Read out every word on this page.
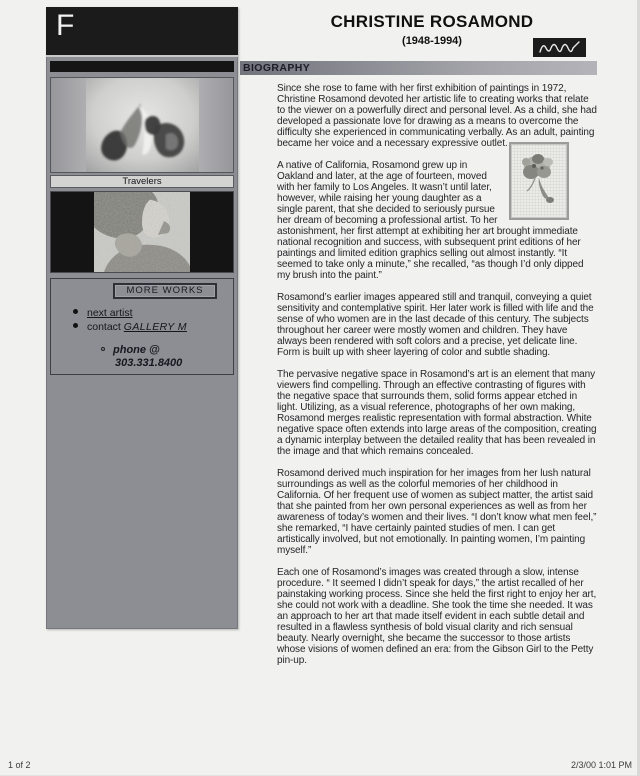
F
Travelers
MORE WORKS
next artist
contact GALLERY M
phone @
303.331.8400
CHRISTINE ROSAMOND
(1948-1994)
BIOGRAPHY

Since she rose to fame with her first exhibition of paintings in 1972, Christine Rosamond devoted her artistic life to creating works that relate to the viewer on a powerfully direct and personal level. As a child, she had developed a passionate love for drawing as a means to overcome the difficulty she experienced in communicating verbally. As an adult, painting became her voice and a necessary expressive outlet.

A native of California, Rosamond grew up in Oakland and later, at the age of fourteen, moved with her family to Los Angeles. It wasn’t until later, however, while raising her young daughter as a single parent, that she decided to seriously pursue her dream of becoming a professional artist. To her astonishment, her first attempt at exhibiting her art brought immediate national recognition and success, with subsequent print editions of her paintings and limited edition graphics selling out almost instantly. “It seemed to take only a minute,” she recalled, “as though I’d only dipped my brush into the paint.”

Rosamond’s earlier images appeared still and tranquil, conveying a quiet sensitivity and contemplative spirit. Her later work is filled with life and the sense of who women are in the last decade of this century. The subjects throughout her career were mostly women and children. They have always been rendered with soft colors and a precise, yet delicate line. Form is built up with sheer layering of color and subtle shading.

The pervasive negative space in Rosamond’s art is an element that many viewers find compelling. Through an effective contrasting of figures with the negative space that surrounds them, solid forms appear etched in light. Utilizing, as a visual reference, photographs of her own making, Rosamond merges realistic representation with formal abstraction. White negative space often extends into large areas of the composition, creating a dynamic interplay between the detailed reality that has been revealed in the image and that which remains concealed.

Rosamond derived much inspiration for her images from her lush natural surroundings as well as the colorful memories of her childhood in California. Of her frequent use of women as subject matter, the artist said that she painted from her own personal experiences as well as from her awareness of today’s women and their lives. “I don’t know what men feel,” she remarked, “I have certainly painted studies of men. I can get artistically involved, but not emotionally. In painting women, I’m painting myself.”

Each one of Rosamond’s images was created through a slow, intense procedure. “ It seemed I didn’t speak for days,” the artist recalled of her painstaking working process. Since she held the first right to enjoy her art, she could not work with a deadline. She took the time she needed. It was an approach to her art that made itself evident in each subtle detail and resulted in a flawless synthesis of bold visual clarity and rich sensual beauty. Nearly overnight, she became the successor to those artists whose visions of women defined an era: from the Gibson Girl to the Petty pin-up.

1 of 2	2/3/00 1:01 PM
